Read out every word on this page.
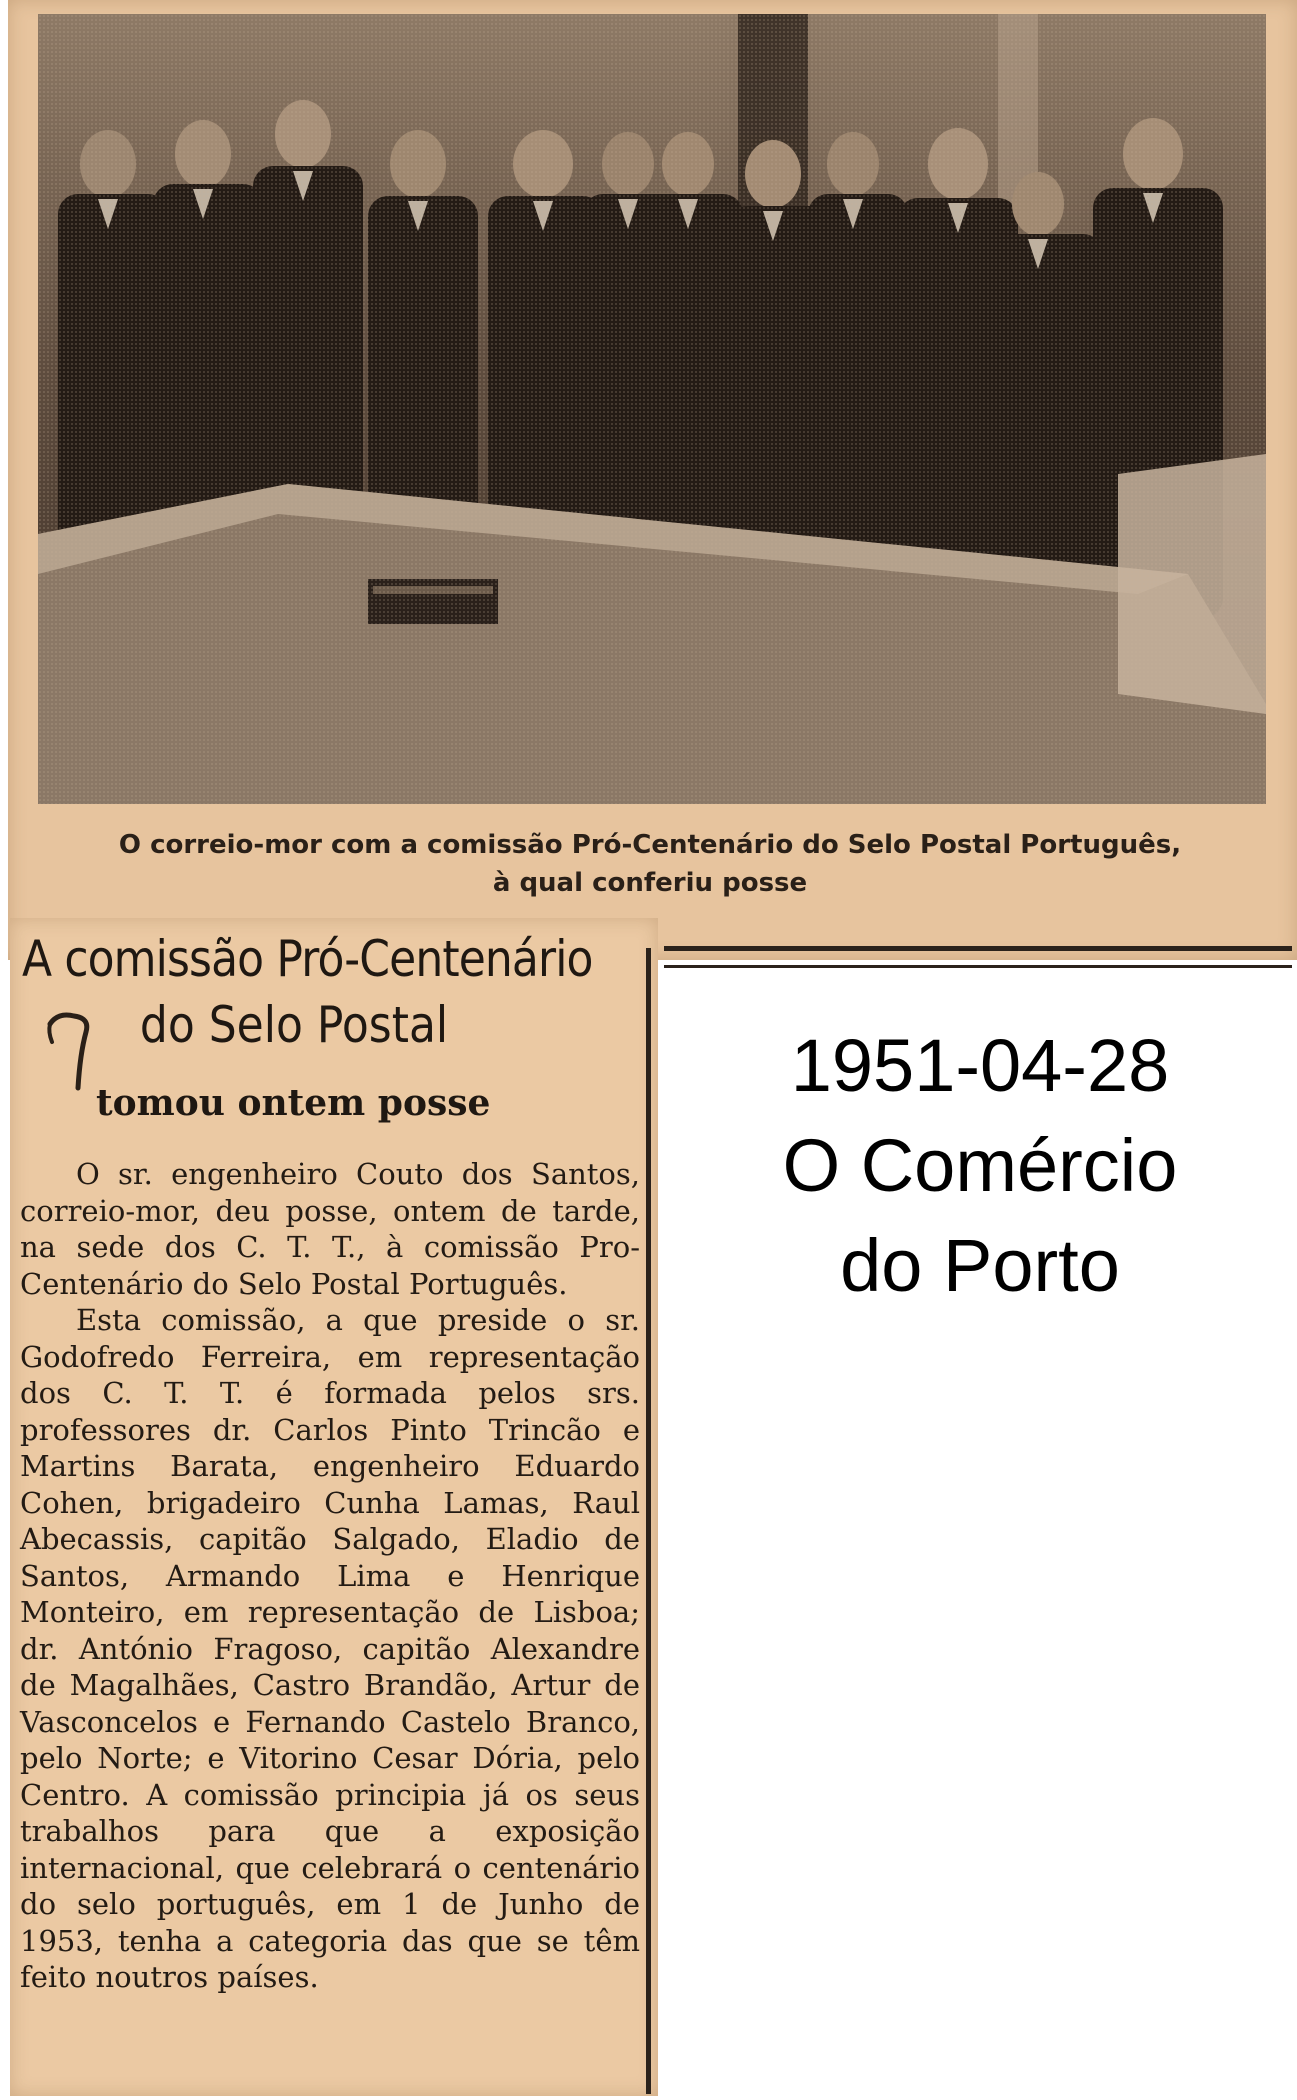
O correio-mor com a comissão Pró-Centenário do Selo Postal Português,
à qual conferiu posse
A comissão Pró-Centenário
do Selo Postal
tomou ontem posse

O sr. engenheiro Couto dos Santos, correio-mor, deu posse, ontem de tarde, na sede dos C. T. T., à comissão Pro-Centenário do Selo Postal Português.

Esta comissão, a que preside o sr. Godofredo Ferreira, em representação dos C. T. T. é formada pelos srs. professores dr. Carlos Pinto Trincão e Martins Barata, engenheiro Eduardo Cohen, brigadeiro Cunha Lamas, Raul Abecassis, capitão Salgado, Eladio de Santos, Armando Lima e Henrique Monteiro, em representação de Lisboa; dr. António Fragoso, capitão Alexandre de Magalhães, Castro Brandão, Artur de Vasconcelos e Fernando Castelo Branco, pelo Norte; e Vitorino Cesar Dória, pelo Centro. A comissão principia já os seus trabalhos para que a exposição internacional, que celebrará o centenário do selo português, em 1 de Junho de 1953, tenha a categoria das que se têm feito noutros países.

1951-04-28
O Comércio
do Porto
